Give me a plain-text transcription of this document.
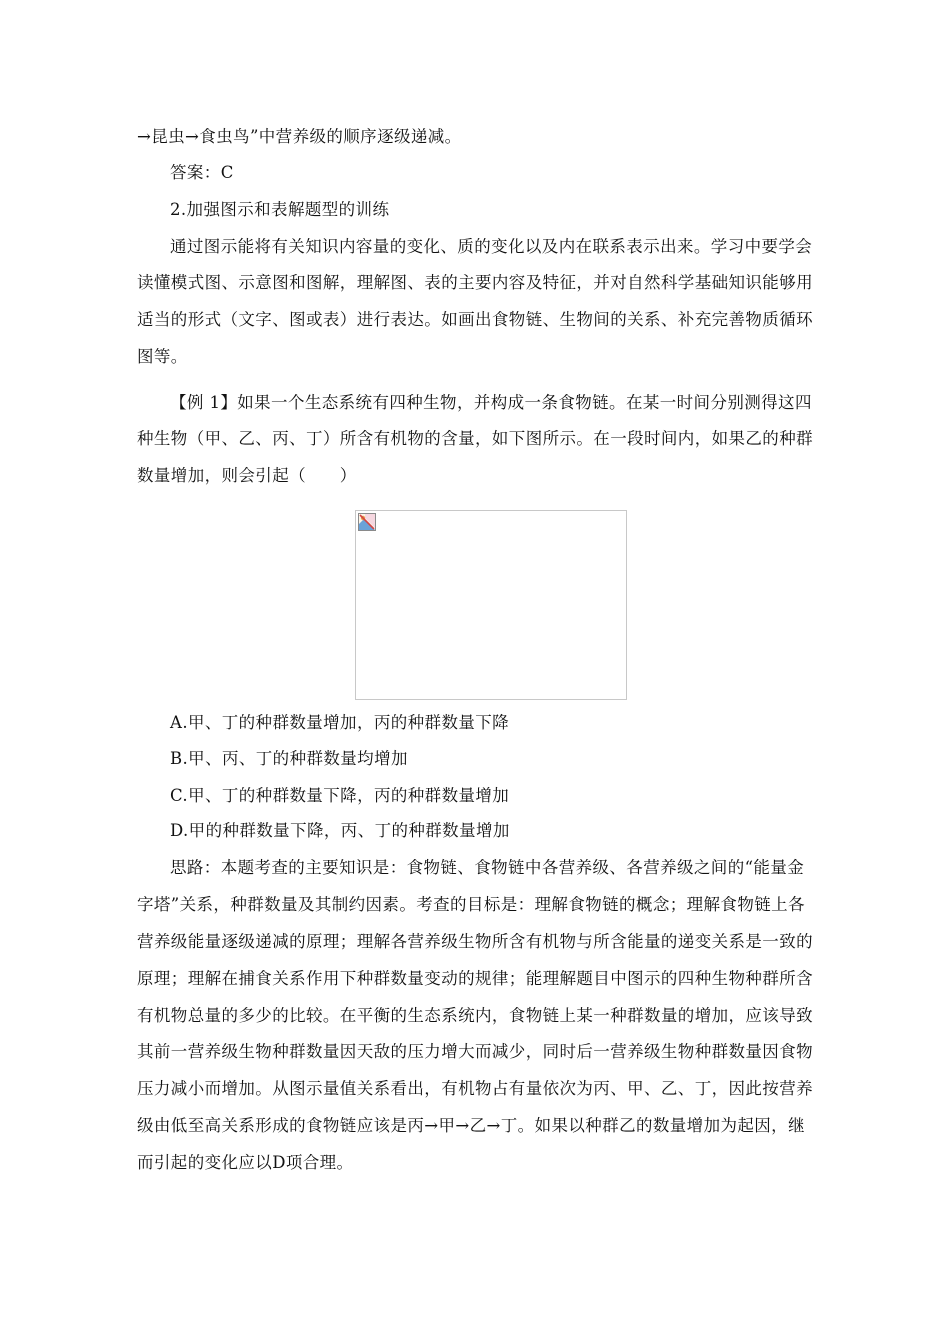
→昆虫→食虫鸟”中营养级的顺序逐级递减。
答案：C
2.加强图示和表解题型的训练
通过图示能将有关知识内容量的变化、质的变化以及内在联系表示出来。学习中要学会
读懂模式图、示意图和图解，理解图、表的主要内容及特征，并对自然科学基础知识能够用
适当的形式（文字、图或表）进行表达。如画出食物链、生物间的关系、补充完善物质循环
图等。
【例 1】如果一个生态系统有四种生物，并构成一条食物链。在某一时间分别测得这四
种生物（甲、乙、丙、丁）所含有机物的含量，如下图所示。在一段时间内，如果乙的种群
数量增加，则会引起（　　）
A.甲、丁的种群数量增加，丙的种群数量下降
B.甲、丙、丁的种群数量均增加
C.甲、丁的种群数量下降，丙的种群数量增加
D.甲的种群数量下降，丙、丁的种群数量增加
思路：本题考查的主要知识是：食物链、食物链中各营养级、各营养级之间的“能量金
字塔”关系，种群数量及其制约因素。考查的目标是：理解食物链的概念；理解食物链上各
营养级能量逐级递减的原理；理解各营养级生物所含有机物与所含能量的递变关系是一致的
原理；理解在捕食关系作用下种群数量变动的规律；能理解题目中图示的四种生物种群所含
有机物总量的多少的比较。在平衡的生态系统内，食物链上某一种群数量的增加，应该导致
其前一营养级生物种群数量因天敌的压力增大而减少，同时后一营养级生物种群数量因食物
压力减小而增加。从图示量值关系看出，有机物占有量依次为丙、甲、乙、丁，因此按营养
级由低至高关系形成的食物链应该是丙→甲→乙→丁。如果以种群乙的数量增加为起因，继
而引起的变化应以D项合理。
